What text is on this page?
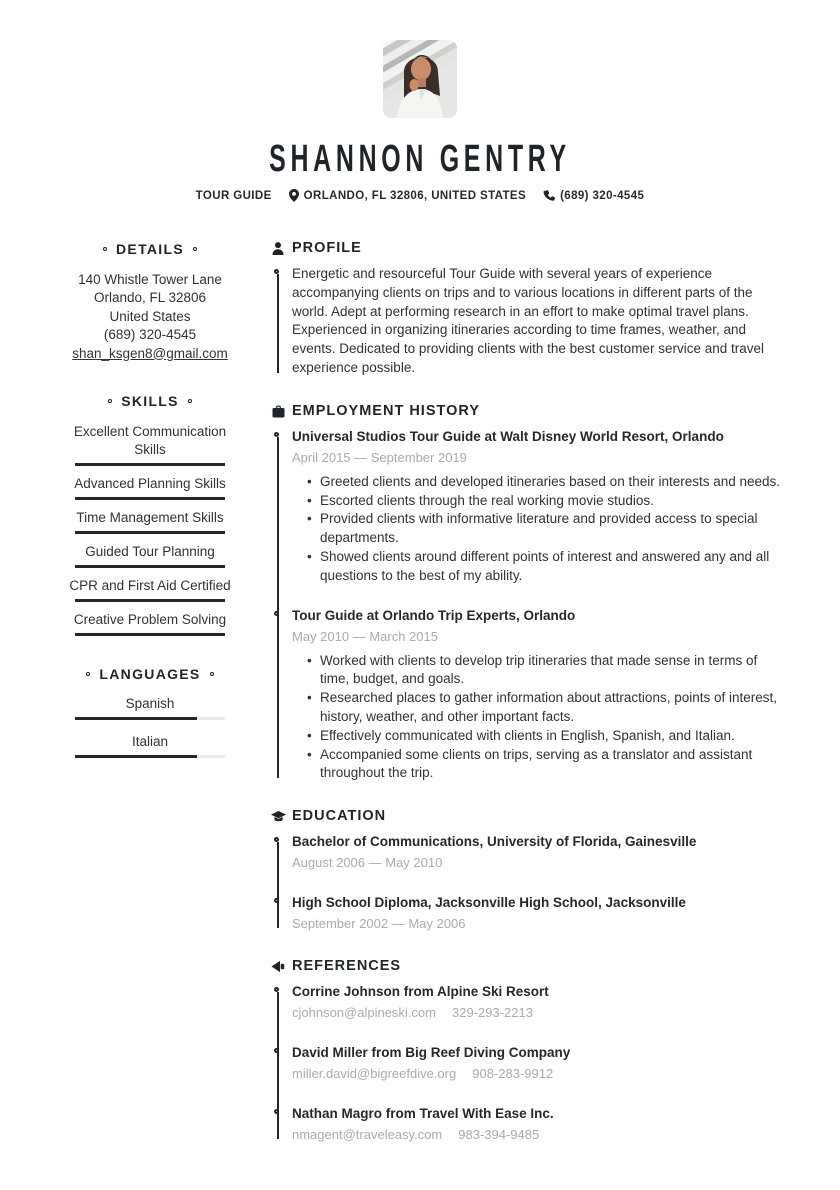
SHANNON GENTRY
TOUR GUIDE	ORLANDO, FL 32806, UNITED STATES	(689) 320-4545
DETAILS
140 Whistle Tower Lane
Orlando, FL 32806
United States
(689) 320-4545
shan_ksgen8@gmail.com
SKILLS
Excellent Communication Skills
Advanced Planning Skills
Time Management Skills
Guided Tour Planning
CPR and First Aid Certified
Creative Problem Solving
LANGUAGES
Spanish
Italian
PROFILE

Energetic and resourceful Tour Guide with several years of experience accompanying clients on trips and to various locations in different parts of the world. Adept at performing research in an effort to make optimal travel plans. Experienced in organizing itineraries according to time frames, weather, and events. Dedicated to providing clients with the best customer service and travel experience possible.

EMPLOYMENT HISTORY
Universal Studios Tour Guide at Walt Disney World Resort, Orlando
April 2015 — September 2019
• Greeted clients and developed itineraries based on their interests and needs.
• Escorted clients through the real working movie studios.
• Provided clients with informative literature and provided access to special departments.
• Showed clients around different points of interest and answered any and all questions to the best of my ability.
Tour Guide at Orlando Trip Experts, Orlando
May 2010 — March 2015
• Worked with clients to develop trip itineraries that made sense in terms of time, budget, and goals.
• Researched places to gather information about attractions, points of interest, history, weather, and other important facts.
• Effectively communicated with clients in English, Spanish, and Italian.
• Accompanied some clients on trips, serving as a translator and assistant throughout the trip.
EDUCATION
Bachelor of Communications, University of Florida, Gainesville
August 2006 — May 2010
High School Diploma, Jacksonville High School, Jacksonville
September 2002 — May 2006
REFERENCES
Corrine Johnson from Alpine Ski Resort
cjohnson@alpineski.com 329-293-2213
David Miller from Big Reef Diving Company
miller.david@bigreefdive.org 908-283-9912
Nathan Magro from Travel With Ease Inc.
nmagent@traveleasy.com 983-394-9485
